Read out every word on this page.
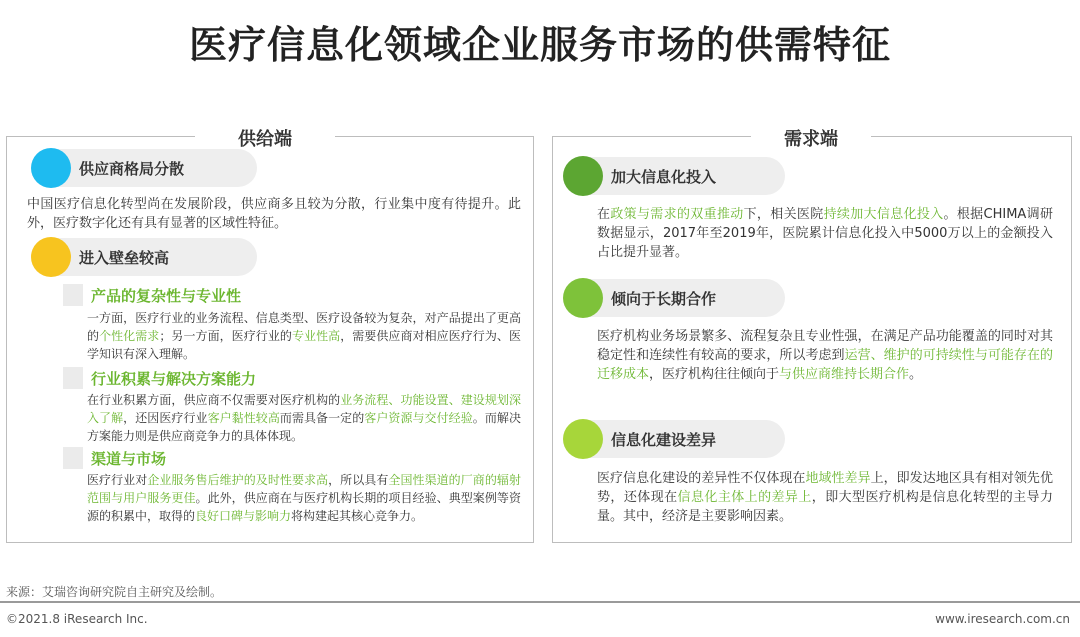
医疗信息化领域企业服务市场的供需特征
供给端
供应商格局分散
中国医疗信息化转型尚在发展阶段，供应商多且较为分散，行业集中度有待提升。此外，医疗数字化还有具有显著的区域性特征。
进入壁垒较高
产品的复杂性与专业性
一方面，医疗行业的业务流程、信息类型、医疗设备较为复杂，对产品提出了更高的个性化需求；另一方面，医疗行业的专业性高，需要供应商对相应医疗行为、医学知识有深入理解。
行业积累与解决方案能力
在行业积累方面，供应商不仅需要对医疗机构的业务流程、功能设置、建设规划深入了解，还因医疗行业客户黏性较高而需具备一定的客户资源与交付经验。而解决方案能力则是供应商竞争力的具体体现。
渠道与市场
医疗行业对企业服务售后维护的及时性要求高，所以具有全国性渠道的厂商的辐射范围与用户服务更佳。此外，供应商在与医疗机构长期的项目经验、典型案例等资源的积累中，取得的良好口碑与影响力将构建起其核心竞争力。
需求端
加大信息化投入
在政策与需求的双重推动下，相关医院持续加大信息化投入。根据CHIMA调研数据显示，2017年至2019年，医院累计信息化投入中5000万以上的金额投入占比提升显著。
倾向于长期合作
医疗机构业务场景繁多、流程复杂且专业性强，在满足产品功能覆盖的同时对其稳定性和连续性有较高的要求，所以考虑到运营、维护的可持续性与可能存在的迁移成本，医疗机构往往倾向于与供应商维持长期合作。
信息化建设差异
医疗信息化建设的差异性不仅体现在地域性差异上，即发达地区具有相对领先优势，还体现在信息化主体上的差异上，即大型医疗机构是信息化转型的主导力量。其中，经济是主要影响因素。
来源：艾瑞咨询研究院自主研究及绘制。
©2021.8 iResearch Inc.	www.iresearch.com.cn
